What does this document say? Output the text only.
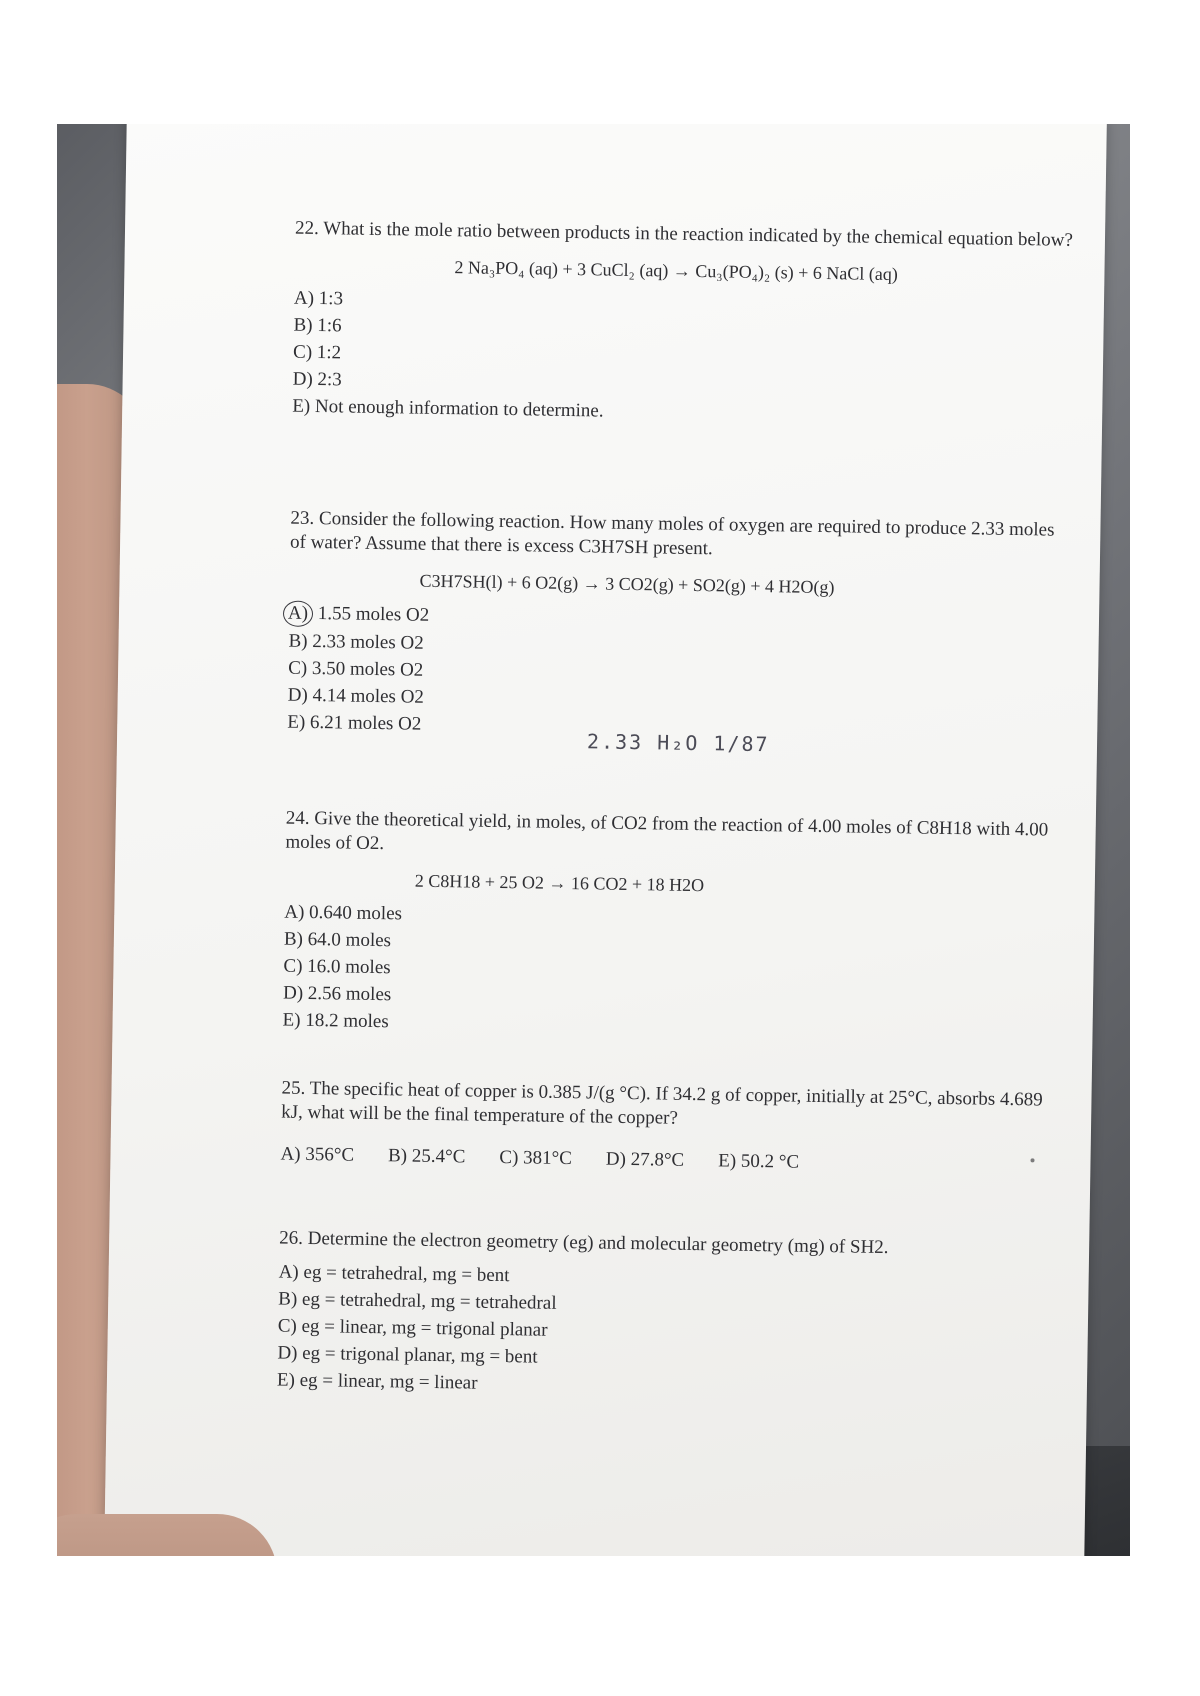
22. What is the mole ratio between products in the reaction indicated by the chemical equation below?

2 Na₃PO₄ (aq) + 3 CuCl₂ (aq) → Cu₃(PO₄)₂ (s) + 6 NaCl (aq)
A) 1:3
B) 1:6
C) 1:2
D) 2:3
E) Not enough information to determine.

23. Consider the following reaction. How many moles of oxygen are required to produce 2.33 moles of water? Assume that there is excess C3H7SH present.

C3H7SH(l) + 6 O2(g) → 3 CO2(g) + SO2(g) + 4 H2O(g)
A) 1.55 moles O2
B) 2.33 moles O2
C) 3.50 moles O2
D) 4.14 moles O2
E) 6.21 moles O2
2.33 H₂O 1/87

24. Give the theoretical yield, in moles, of CO2 from the reaction of 4.00 moles of C8H18 with 4.00 moles of O2.

2 C8H18 + 25 O2 → 16 CO2 + 18 H2O
A) 0.640 moles
B) 64.0 moles
C) 16.0 moles
D) 2.56 moles
E) 18.2 moles

25. The specific heat of copper is 0.385 J/(g °C). If 34.2 g of copper, initially at 25°C, absorbs 4.689 kJ, what will be the final temperature of the copper?

A) 356°C B) 25.4°C C) 381°C D) 27.8°C E) 50.2 °C

26. Determine the electron geometry (eg) and molecular geometry (mg) of SH2.

A) eg = tetrahedral, mg = bent
B) eg = tetrahedral, mg = tetrahedral
C) eg = linear, mg = trigonal planar
D) eg = trigonal planar, mg = bent
E) eg = linear, mg = linear
